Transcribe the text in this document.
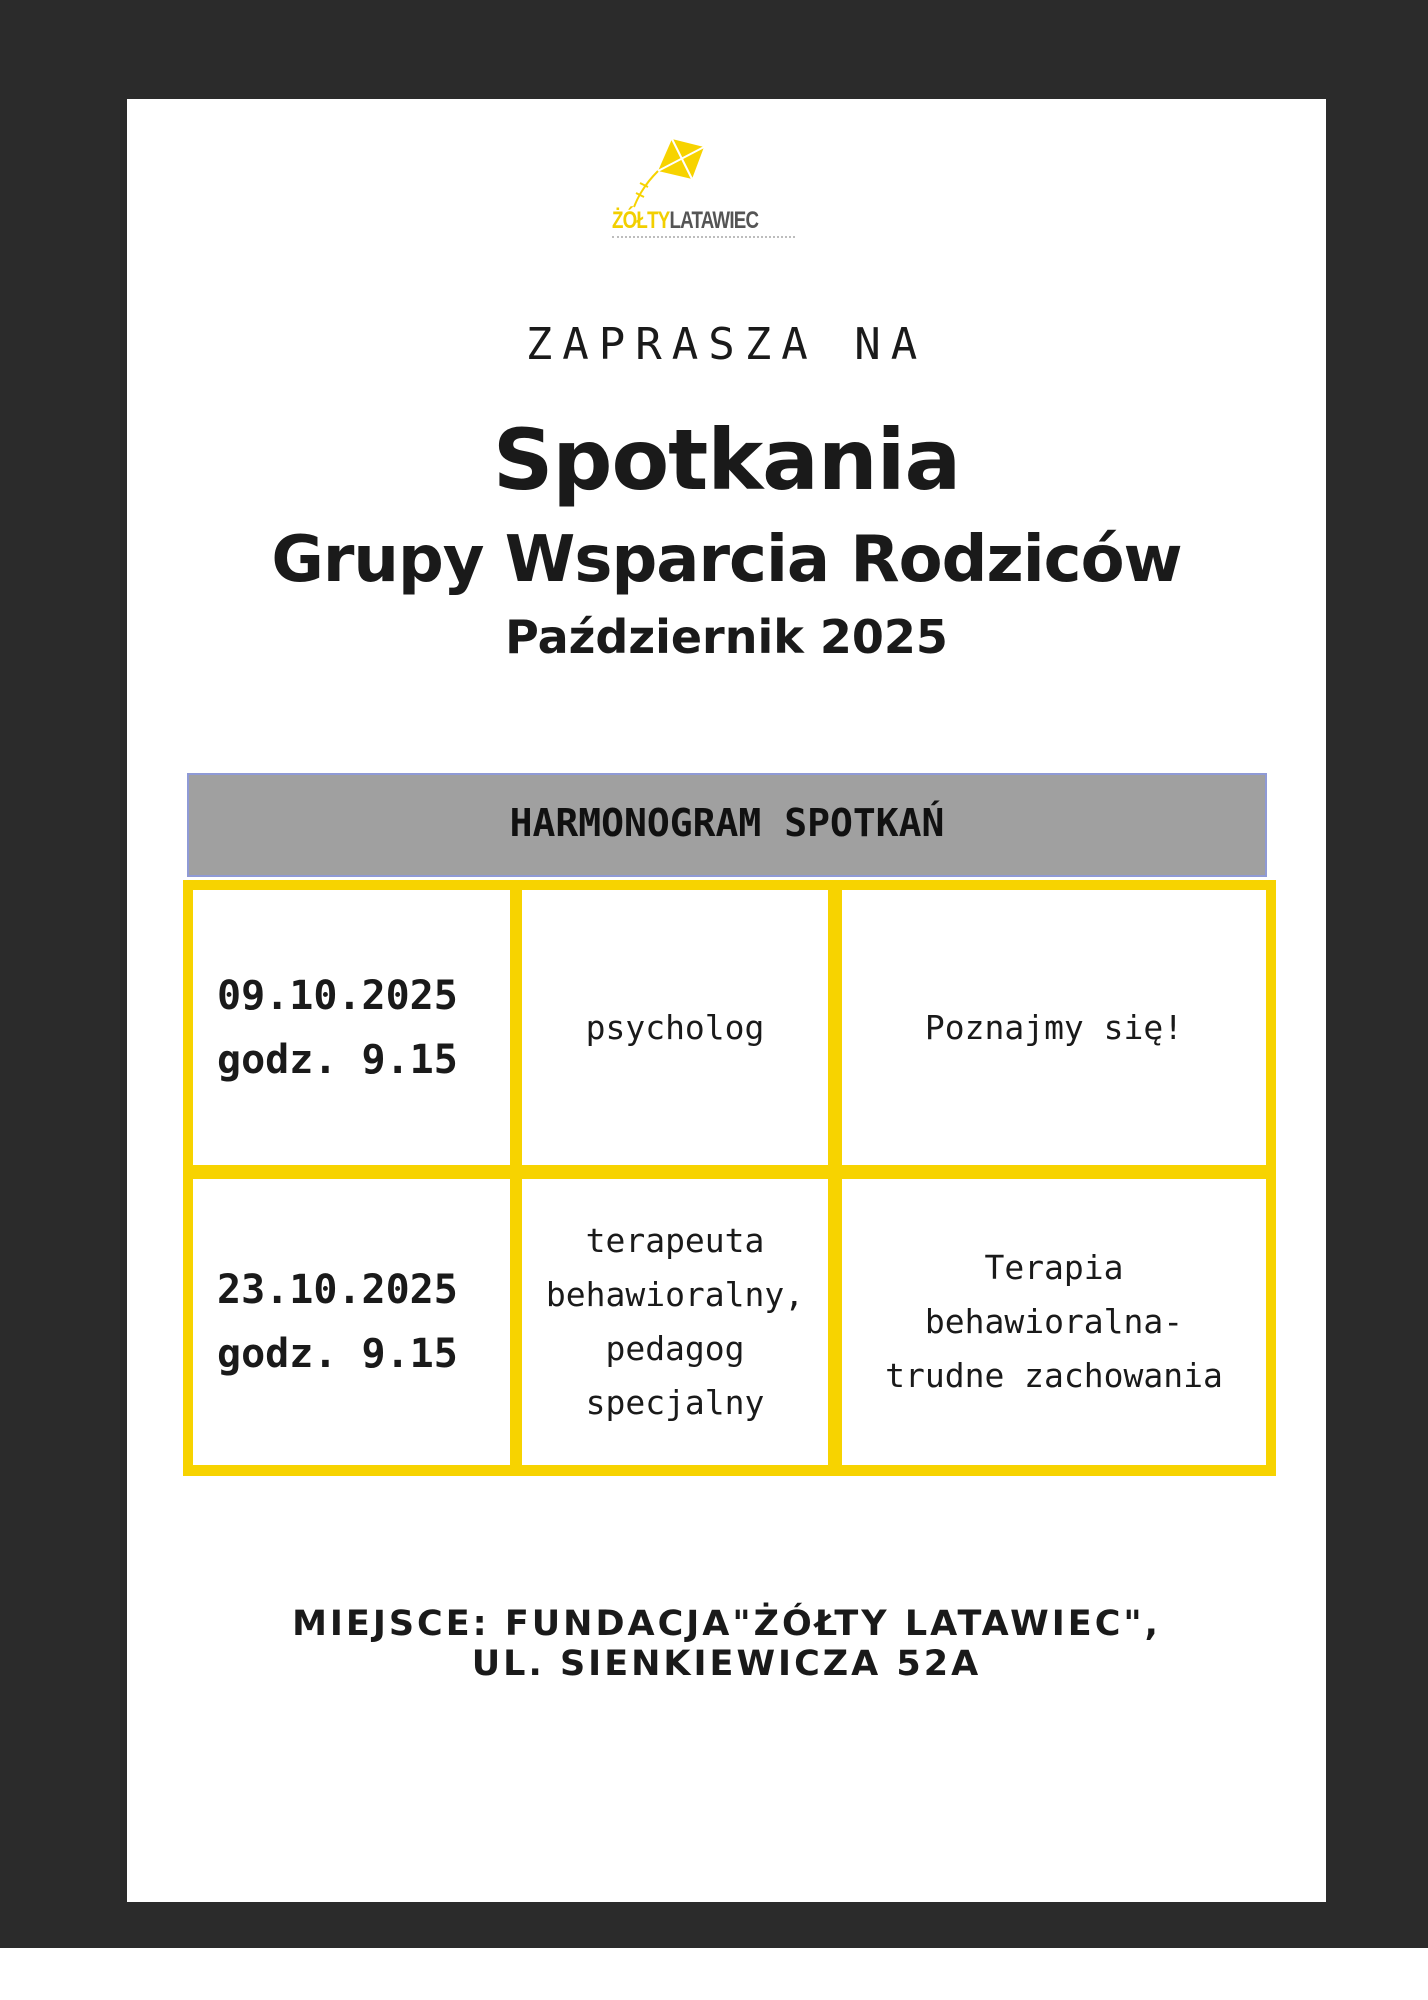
ŻÓŁTYLATAWIEC
ZAPRASZA NA
Spotkania
Grupy Wsparcia Rodziców
Październik 2025
HARMONOGRAM SPOTKAŃ
09.10.2025
godz. 9.15
psycholog	Poznajmy się!
23.10.2025
godz. 9.15
terapeuta
behawioralny,
pedagog
specjalny
Terapia
behawioralna-
trudne zachowania
MIEJSCE: FUNDACJA"ŻÓŁTY LATAWIEC",
UL. SIENKIEWICZA 52A
